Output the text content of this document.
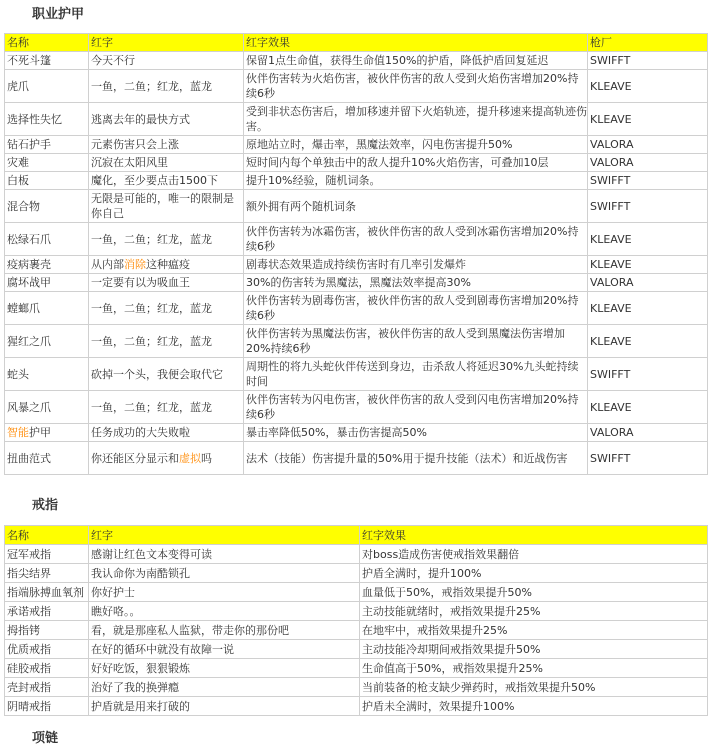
职业护甲
名称	红字	红字效果	枪厂
不死斗篷	今天不行	保留1点生命值，获得生命值150%的护盾，降低护盾回复延迟	SWIFFT
虎爪	一鱼，二鱼；红龙，蓝龙	伙伴伤害转为火焰伤害，被伙伴伤害的敌人受到火焰伤害增加20%持续6秒	KLEAVE
选择性失忆	逃离去年的最快方式	受到非状态伤害后，增加移速并留下火焰轨迹，提升移速来提高轨迹伤害。	KLEAVE
钻石护手	元素伤害只会上涨	原地站立时，爆击率，黑魔法效率，闪电伤害提升50%	VALORA
灾难	沉寂在太阳风里	短时间内每个单独击中的敌人提升10%火焰伤害，可叠加10层	VALORA
白板	魔化，至少要点击1500下	提升10%经验，随机词条。	SWIFFT
混合物	无限是可能的，唯一的限制是你自己	额外拥有两个随机词条	SWIFFT
松绿石爪	一鱼，二鱼；红龙，蓝龙	伙伴伤害转为冰霜伤害，被伙伴伤害的敌人受到冰霜伤害增加20%持续6秒	KLEAVE
疫病裹壳	从内部消除这种瘟疫	剧毒状态效果造成持续伤害时有几率引发爆炸	KLEAVE
腐坏战甲	一定要有以为吸血王	30%的伤害转为黑魔法，黑魔法效率提高30%	VALORA
螳螂爪	一鱼，二鱼；红龙，蓝龙	伙伴伤害转为剧毒伤害，被伙伴伤害的敌人受到剧毒伤害增加20%持续6秒	KLEAVE
猩红之爪	一鱼，二鱼；红龙，蓝龙	伙伴伤害转为黑魔法伤害，被伙伴伤害的敌人受到黑魔法伤害增加20%持续6秒	KLEAVE
蛇头	砍掉一个头，我便会取代它	周期性的将九头蛇伙伴传送到身边，击杀敌人将延迟30%九头蛇持续时间	SWIFFT
风暴之爪	一鱼，二鱼；红龙，蓝龙	伙伴伤害转为闪电伤害，被伙伴伤害的敌人受到闪电伤害增加20%持续6秒	KLEAVE
智能护甲	任务成功的大失败啦	暴击率降低50%，暴击伤害提高50%	VALORA
扭曲范式	你还能区分显示和虚拟吗	法术（技能）伤害提升量的50%用于提升技能（法术）和近战伤害	SWIFFT
戒指
名称	红字	红字效果
冠军戒指	感谢让红色文本变得可读	对boss造成伤害使戒指效果翻倍
指尖结界	我认命你为南酷锁孔	护盾全满时，提升100%
指端脉搏血氧剂	你好护士	血量低于50%，戒指效果提升50%
承诺戒指	瞧好咯。。	主动技能就绪时，戒指效果提升25%
拇指铐	看，就是那座私人监狱，带走你的那份吧	在地牢中，戒指效果提升25%
优质戒指	在好的循环中就没有故障一说	主动技能冷却期间戒指效果提升50%
硅胶戒指	好好吃饭，狠狠锻炼	生命值高于50%，戒指效果提升25%
壳封戒指	治好了我的换弹瘾	当前装备的枪支缺少弹药时，戒指效果提升50%
阴晴戒指	护盾就是用来打破的	护盾未全满时，效果提升100%
项链
